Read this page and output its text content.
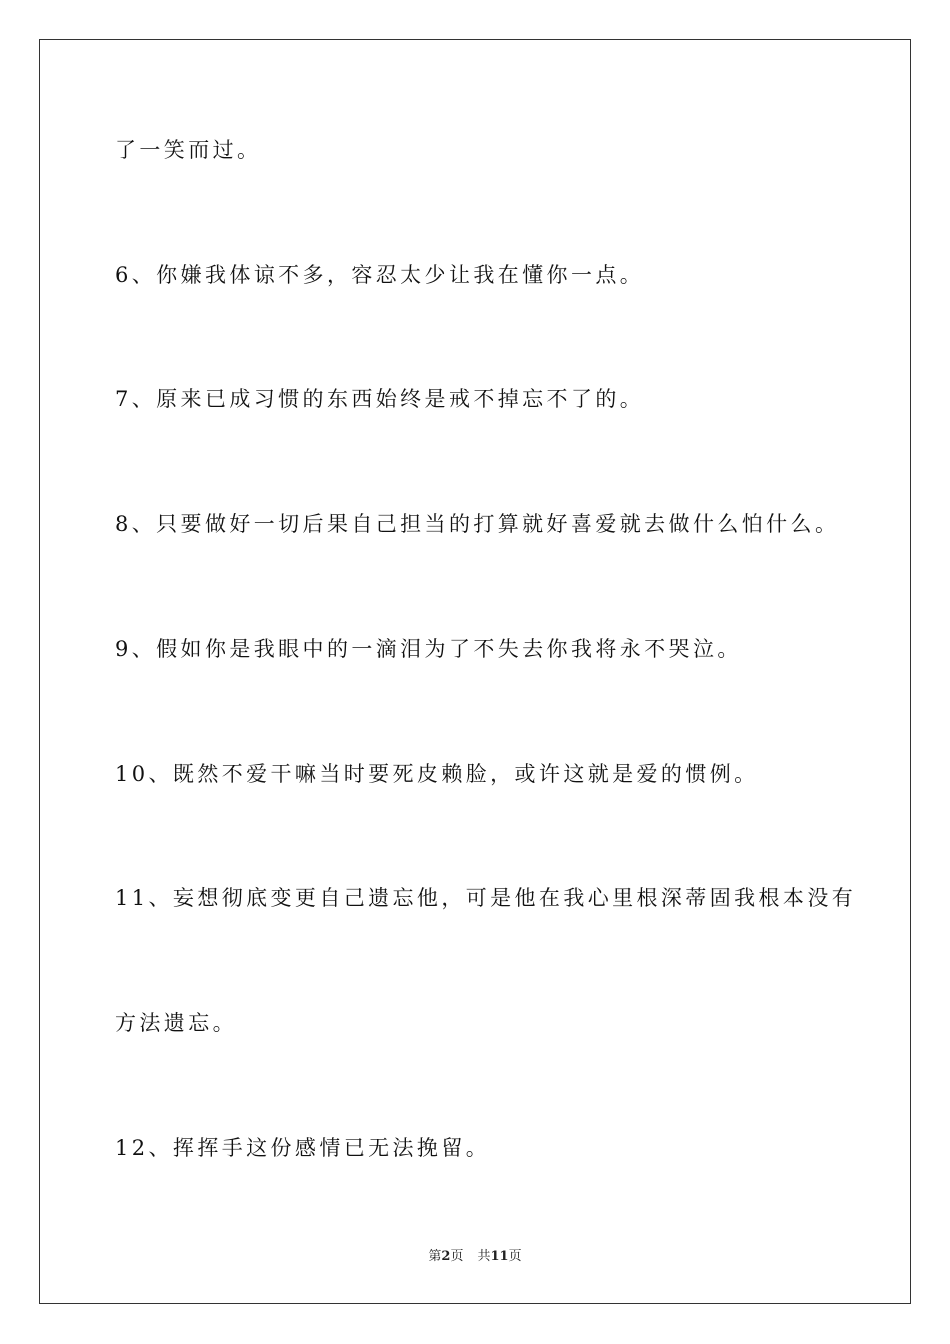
了一笑而过。
6、你嫌我体谅不多，容忍太少让我在懂你一点。
7、原来已成习惯的东西始终是戒不掉忘不了的。
8、只要做好一切后果自己担当的打算就好喜爱就去做什么怕什么。
9、假如你是我眼中的一滴泪为了不失去你我将永不哭泣。
10、既然不爱干嘛当时要死皮赖脸，或许这就是爱的惯例。
11、妄想彻底变更自己遗忘他，可是他在我心里根深蒂固我根本没有
方法遗忘。
12、挥挥手这份感情已无法挽留。
第2页 共11页
